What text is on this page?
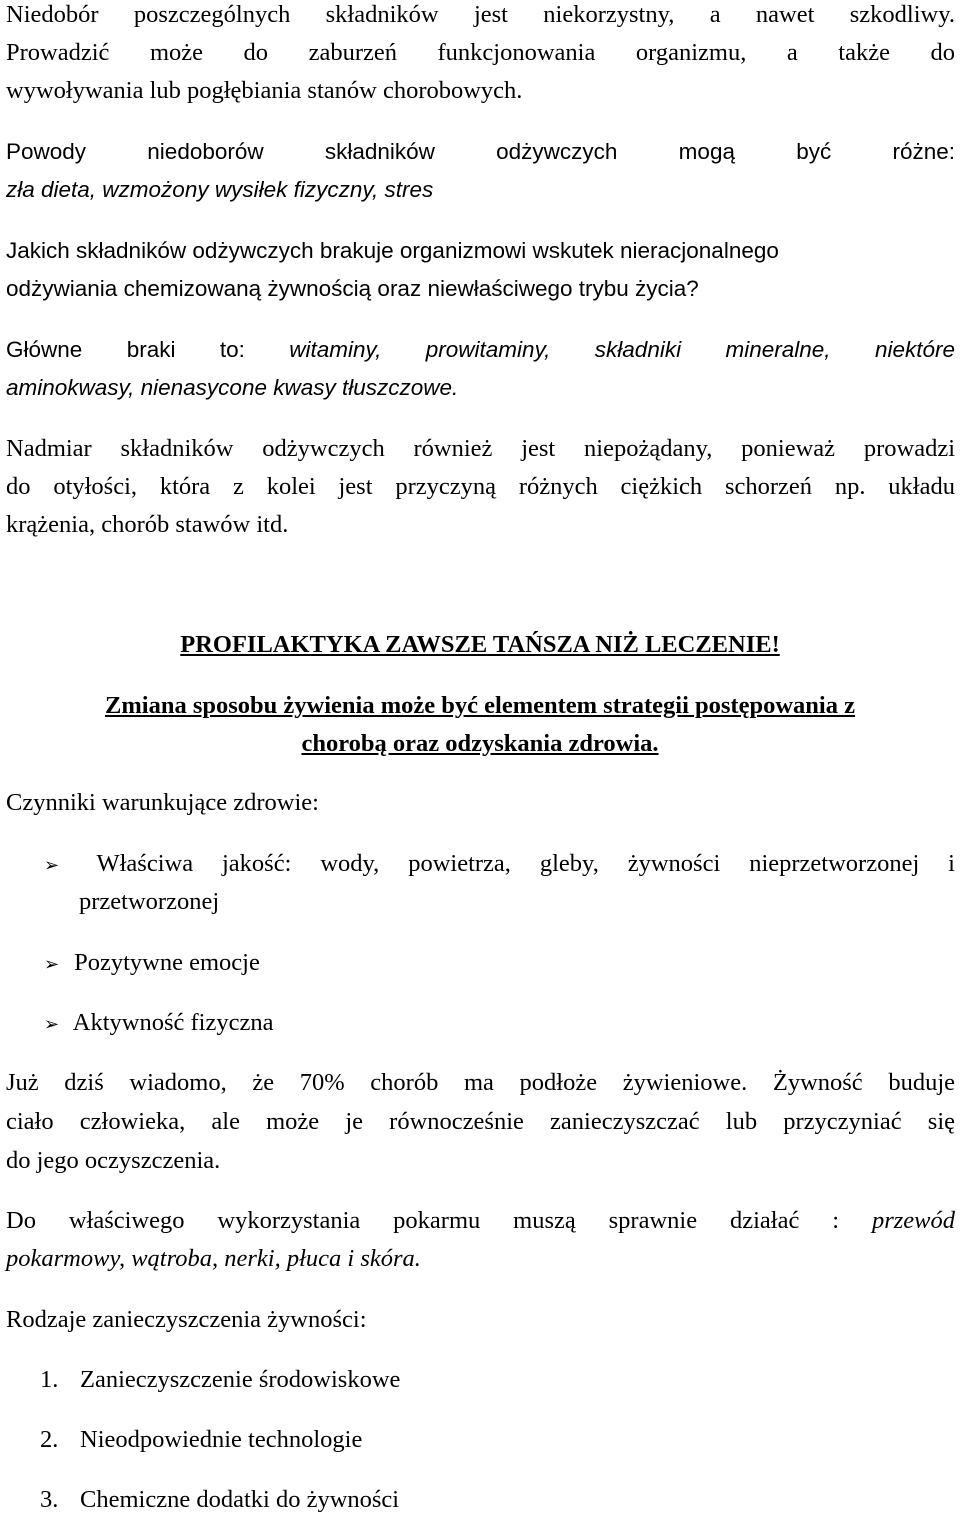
Niedobór poszczególnych składników jest niekorzystny, a nawet szkodliwy.
Prowadzić może do zaburzeń funkcjonowania organizmu, a także do
wywoływania lub pogłębiania stanów chorobowych.
Powody niedoborów składników odżywczych mogą być różne:
zła dieta, wzmożony wysiłek fizyczny, stres
Jakich składników odżywczych brakuje organizmowi wskutek nieracjonalnego
odżywiania chemizowaną żywnością oraz niewłaściwego trybu życia?
Główne braki to: witaminy, prowitaminy, składniki mineralne, niektóre
aminokwasy, nienasycone kwasy tłuszczowe.
Nadmiar składników odżywczych również jest niepożądany, ponieważ prowadzi
do otyłości, która z kolei jest przyczyną różnych ciężkich schorzeń np. układu
krążenia, chorób stawów itd.
PROFILAKTYKA ZAWSZE TAŃSZA NIŻ LECZENIE!
Zmiana sposobu żywienia może być elementem strategii postępowania z
chorobą oraz odzyskania zdrowia.
Czynniki warunkujące zdrowie:
➢ Właściwa jakość: wody, powietrza, gleby, żywności nieprzetworzonej i
przetworzonej
➢ Pozytywne emocje
➢ Aktywność fizyczna
Już dziś wiadomo, że 70% chorób ma podłoże żywieniowe. Żywność buduje
ciało człowieka, ale może je równocześnie zanieczyszczać lub przyczyniać się
do jego oczyszczenia.
Do właściwego wykorzystania pokarmu muszą sprawnie działać : przewód
pokarmowy, wątroba, nerki, płuca i skóra.
Rodzaje zanieczyszczenia żywności:
1. Zanieczyszczenie środowiskowe
2. Nieodpowiednie technologie
3. Chemiczne dodatki do żywności
